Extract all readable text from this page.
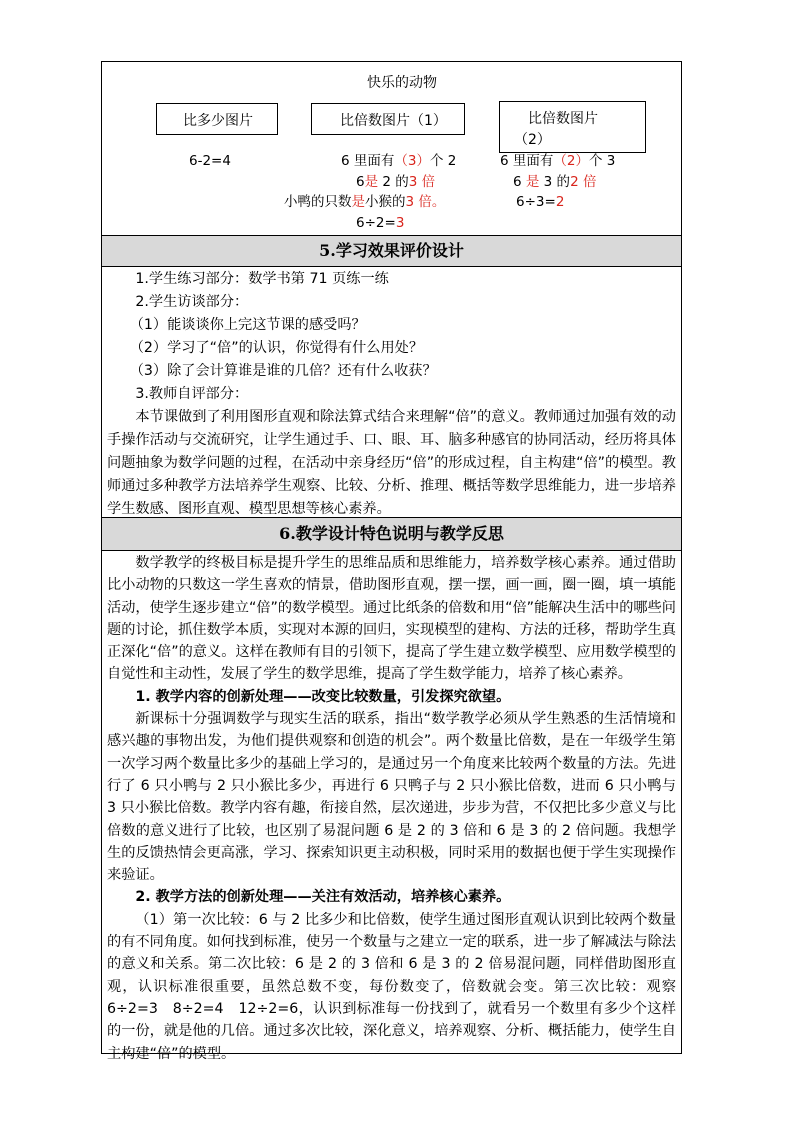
快乐的动物
比多少图片	比倍数图片（1）	比倍数图片
（2）
6-2=4	6 里面有（3）个 2
6是 2 的3 倍
小鸭的只数是小猴的3 倍。
6÷2=3
6 里面有（2）个 3
6 是 3 的2 倍
6÷3=2
5.学习效果评价设计

1.学生练习部分：数学书第 71 页练一练

2.学生访谈部分：

（1）能谈谈你上完这节课的感受吗？

（2）学习了“倍”的认识，你觉得有什么用处？

（3）除了会计算谁是谁的几倍？还有什么收获？

3.教师自评部分：

本节课做到了利用图形直观和除法算式结合来理解“倍”的意义。教师通过加强有效的动手操作活动与交流研究，让学生通过手、口、眼、耳、脑多种感官的协同活动，经历将具体问题抽象为数学问题的过程，在活动中亲身经历“倍”的形成过程，自主构建“倍”的模型。教师通过多种教学方法培养学生观察、比较、分析、推理、概括等数学思维能力，进一步培养学生数感、图形直观、模型思想等核心素养。

6.教学设计特色说明与教学反思

数学教学的终极目标是提升学生的思维品质和思维能力，培养数学核心素养。通过借助比小动物的只数这一学生喜欢的情景，借助图形直观，摆一摆，画一画，圈一圈，填一填能活动，使学生逐步建立“倍”的数学模型。通过比纸条的倍数和用“倍”能解决生活中的哪些问题的讨论，抓住数学本质，实现对本源的回归，实现模型的建构、方法的迁移，帮助学生真正深化“倍”的意义。这样在教师有目的引领下，提高了学生建立数学模型、应用数学模型的自觉性和主动性，发展了学生的数学思维，提高了学生数学能力，培养了核心素养。

1. 教学内容的创新处理——改变比较数量，引发探究欲望。

新课标十分强调数学与现实生活的联系，指出“数学教学必须从学生熟悉的生活情境和感兴趣的事物出发，为他们提供观察和创造的机会”。两个数量比倍数，是在一年级学生第一次学习两个数量比多少的基础上学习的，是通过另一个角度来比较两个数量的方法。先进行了 6 只小鸭与 2 只小猴比多少，再进行 6 只鸭子与 2 只小猴比倍数，进而 6 只小鸭与 3 只小猴比倍数。教学内容有趣，衔接自然，层次递进，步步为营，不仅把比多少意义与比倍数的意义进行了比较，也区别了易混问题 6 是 2 的 3 倍和 6 是 3 的 2 倍问题。我想学生的反馈热情会更高涨，学习、探索知识更主动积极，同时采用的数据也便于学生实现操作来验证。

2. 教学方法的创新处理——关注有效活动，培养核心素养。

（1）第一次比较：6 与 2 比多少和比倍数，使学生通过图形直观认识到比较两个数量的有不同角度。如何找到标准，使另一个数量与之建立一定的联系，进一步了解减法与除法的意义和关系。第二次比较：6 是 2 的 3 倍和 6 是 3 的 2 倍易混问题，同样借助图形直观，认识标准很重要，虽然总数不变，每份数变了，倍数就会变。第三次比较：观察 6÷2=3　8÷2=4　12÷2=6，认识到标准每一份找到了，就看另一个数里有多少个这样的一份，就是他的几倍。通过多次比较，深化意义，培养观察、分析、概括能力，使学生自主构建“倍”的模型。
